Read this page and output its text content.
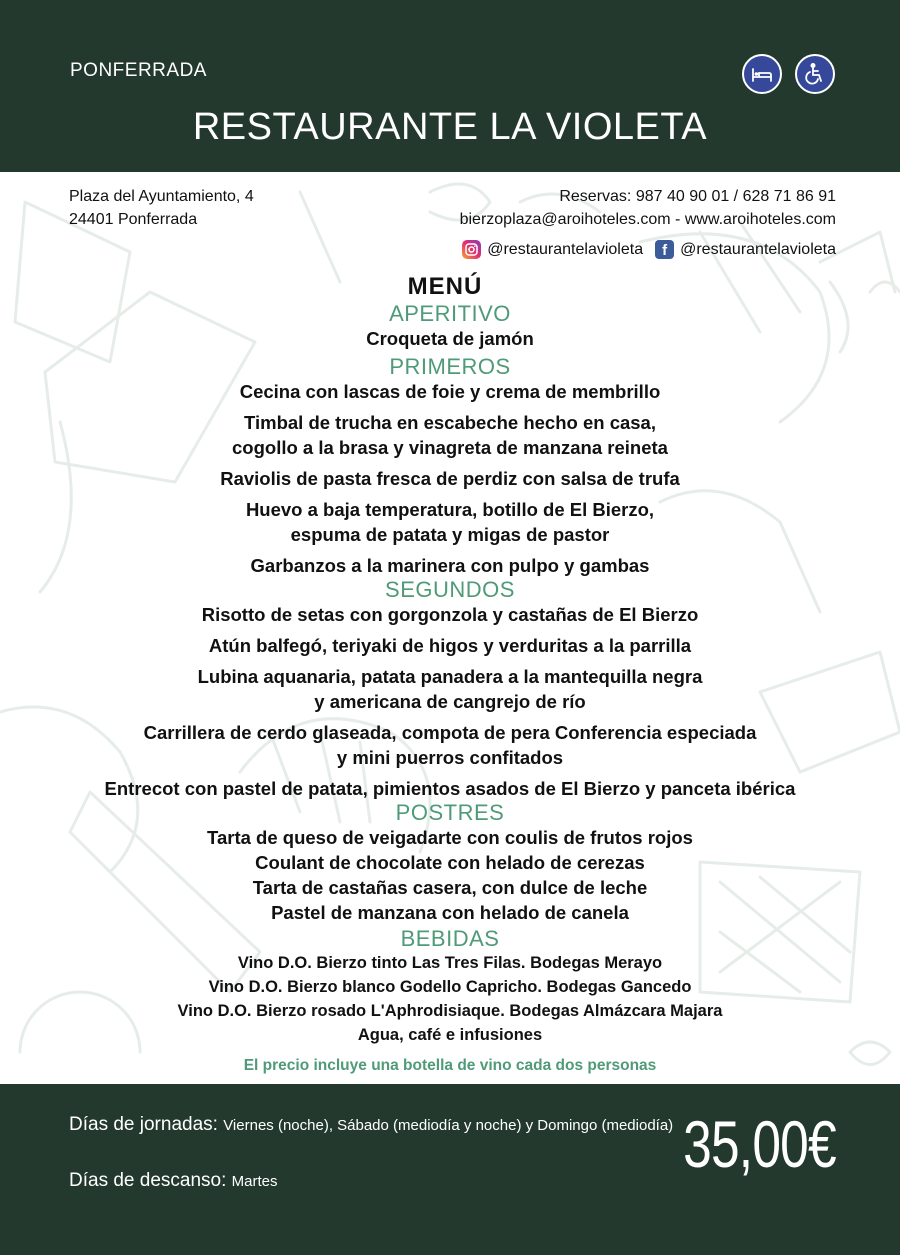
PONFERRADA
RESTAURANTE LA VIOLETA
Plaza del Ayuntamiento, 4
24401 Ponferrada
Reservas: 987 40 90 01 / 628 71 86 91
bierzoplaza@aroihoteles.com - www.aroihoteles.com
@restaurantelavioleta	f @restaurantelavioleta
MENÚ
APERITIVO
Croqueta de jamón
PRIMEROS
Cecina con lascas de foie y crema de membrillo
Timbal de trucha en escabeche hecho en casa,
cogollo a la brasa y vinagreta de manzana reineta
Raviolis de pasta fresca de perdiz con salsa de trufa
Huevo a baja temperatura, botillo de El Bierzo,
espuma de patata y migas de pastor
Garbanzos a la marinera con pulpo y gambas
SEGUNDOS
Risotto de setas con gorgonzola y castañas de El Bierzo
Atún balfegó, teriyaki de higos y verduritas a la parrilla
Lubina aquanaria, patata panadera a la mantequilla negra
y americana de cangrejo de río
Carrillera de cerdo glaseada, compota de pera Conferencia especiada
y mini puerros confitados
Entrecot con pastel de patata, pimientos asados de El Bierzo y panceta ibérica
POSTRES
Tarta de queso de veigadarte con coulis de frutos rojos
Coulant de chocolate con helado de cerezas
Tarta de castañas casera, con dulce de leche
Pastel de manzana con helado de canela
BEBIDAS
Vino D.O. Bierzo tinto Las Tres Filas. Bodegas Merayo
Vino D.O. Bierzo blanco Godello Capricho. Bodegas Gancedo
Vino D.O. Bierzo rosado L'Aphrodisiaque. Bodegas Almázcara Majara
Agua, café e infusiones
El precio incluye una botella de vino cada dos personas
Días de jornadas: Viernes (noche), Sábado (mediodía y noche) y Domingo (mediodía)
Días de descanso: Martes
35,00€
